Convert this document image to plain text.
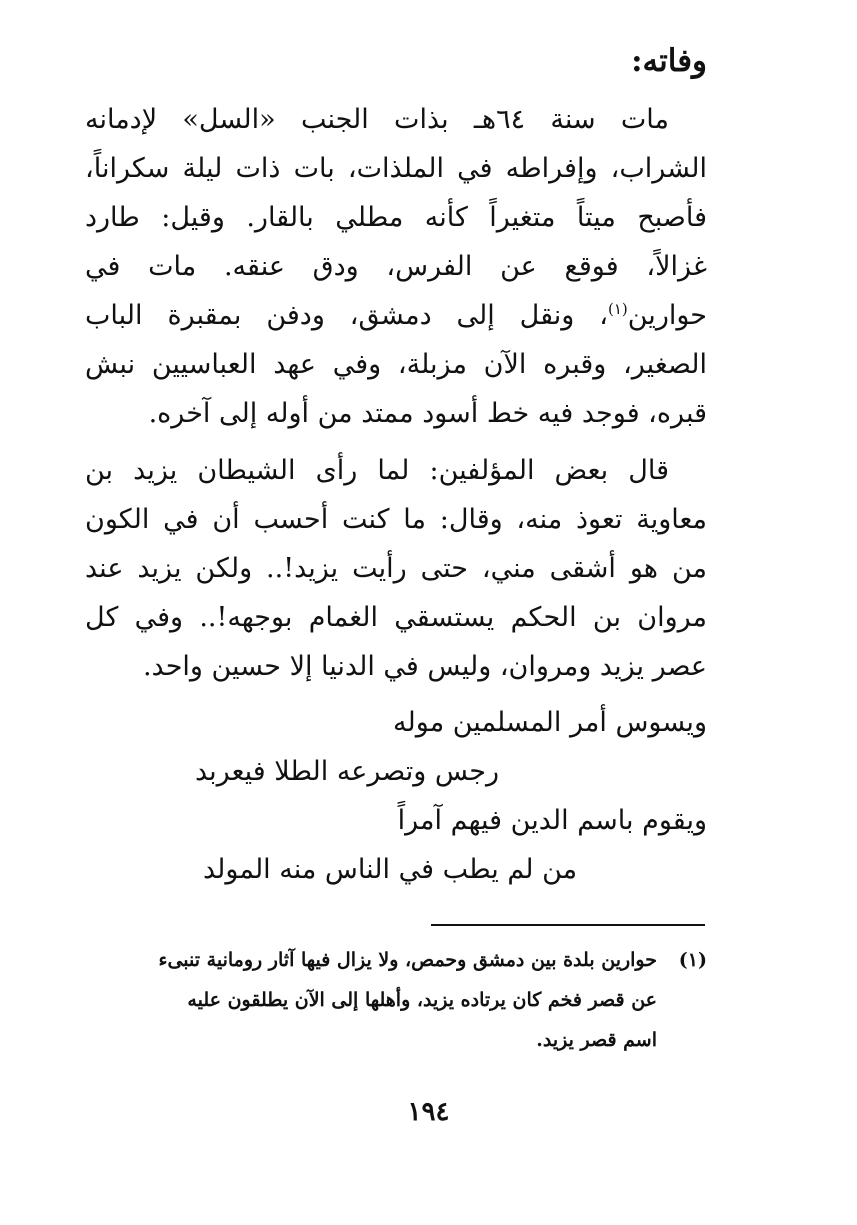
وفاته:
مات سنة ٦٤هـ بذات الجنب «السل» لإدمانه
الشراب، وإفراطه في الملذات، بات ذات ليلة سكراناً،
فأصبح ميتاً متغيراً كأنه مطلي بالقار. وقيل: طارد
غزالاً، فوقع عن الفرس، ودق عنقه. مات في
حوارين$^{(١)}$، ونقل إلى دمشق، ودفن بمقبرة الباب
الصغير، وقبره الآن مزبلة، وفي عهد العباسيين نبش
قبره، فوجد فيه خط أسود ممتد من أوله إلى آخره.
قال بعض المؤلفين: لما رأى الشيطان يزيد بن
معاوية تعوذ منه، وقال: ما كنت أحسب أن في الكون
من هو أشقى مني، حتى رأيت يزيد!.. ولكن يزيد عند
مروان بن الحكم يستسقي الغمام بوجهه!.. وفي كل
عصر يزيد ومروان، وليس في الدنيا إلا حسين واحد.
ويسوس أمر المسلمين موله
رجس وتصرعه الطلا فيعربد
ويقوم باسم الدين فيهم آمراً
من لم يطب في الناس منه المولد
(١)حوارين بلدة بين دمشق وحمص، ولا يزال فيها آثار رومانية تنبىء
عن قصر فخم كان يرتاده يزيد، وأهلها إلى الآن يطلقون عليه
اسم قصر يزيد.
١٩٤
